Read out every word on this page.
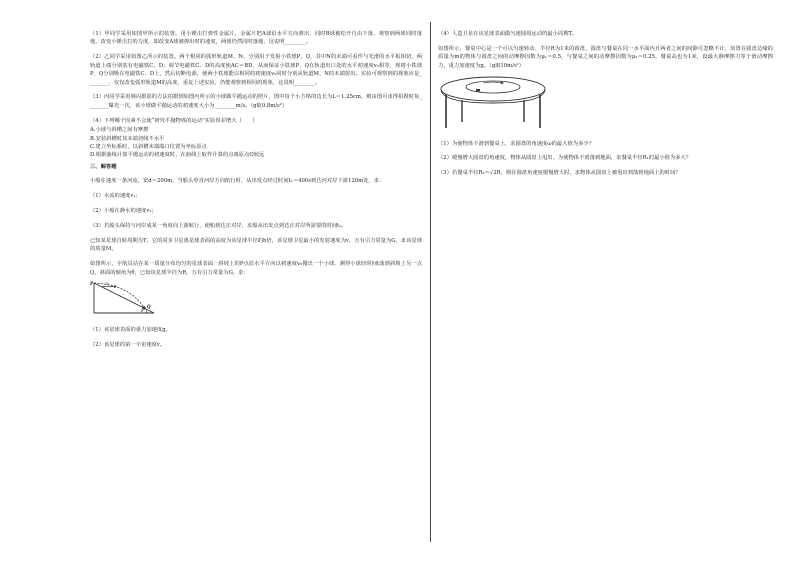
（1）甲同学采用如图甲所示的装置。用小锤击打弹性金属片，金属片把A球沿水平方向弹出，同时B球被松开自由下落，观察到两球同时落地，改变小锤击打的力度，即改变A球被弹出时的速度，两球仍然同时落地，这说明________。

（2）乙同学采用如图乙所示的装置。两个相同的弧形轨道M、N，分别用于发射小铁球P、Q，其中N的末端可看作与光滑的水平板相切，两轨道上端分别装有电磁铁C、D；调节电磁铁C、D的高度使AC＝BD，从而保证小铁球P、Q在轨道出口处的水平初速度v₀相等，现将小铁球P、Q分别吸在电磁铁C、D上，然后切断电源，使两小铁球能以相同的初速度v₀同时分别从轨道M、N的末端射出。实验可观察到的现象应是________，仅仅改变弧形轨道M的高度，重复上述实验，仍能观察到相同的现象，这说明________。

（3）丙同学采用频闪摄影的方法拍摄到如图丙所示的小球做平抛运动的照片，图中每个小方格的边长为L＝1.25cm，则由图可求得拍摄时每________曝光一次，该小球做平抛运动的初速度大小为________m/s。（g取9.8m/s²）

（4）下列哪个因素不会使“研究平抛物体的运动”实验误差增大（　　）

A.小球与斜槽之间有摩擦
B.安装斜槽时其末端切线不水平
C.建立坐标系时，以斜槽末端端口位置为坐标原点
D.根据曲线计算平抛运动的初速度时，在曲线上取作计算的点离原点O较远
三、解答题

小船在速度一条河流，宽d＝200m，当船头垂直河岸方向航行时，从出发点经过时间t₁＝400s到达河对岸下游120m处，求：

（1）水流的速度v₁；

（2）小船在静水的速度v₂；

（3）若船头保持与河岸成某一角度向上游航行，使船到达正对岸，求船从出发点到达正对岸所需要的时间t₂。

已知某星球自转周期为T，它的同步卫星离星球表面的高度为该星球半径的h倍，该星球卫星最小的发射速度为v，万有引力常量为G，求该星球的质量M。

如图所示，宇航员站在某一质量分布均匀的星球表面一斜坡上的P点沿水平方向以初速度v₀抛出一个小球，测得小球经时间t落到斜坡上另一点Q，斜面的倾角为θ，已知该星球半径为R，万有引力常量为G，求：

P	v₀
Q
θ

（1）该星球表面的重力加速度g。

（2）该星球的第一宇宙速度v。

（4）人造卫星在该星球表面做匀速圆周运动的最小周期T。

如图所示，餐桌中心是一个可以匀速转动、半径R为1米的圆盘，圆盘与餐桌在同一水平面内且两者之间的间隙可忽略不计，放置在圆盘边缘的质量为m的物体与圆盘之间的动摩擦因数为μ₁＝0.5，与餐桌之间的动摩擦因数为μ₂＝0.25，餐桌高也为1米，设最大静摩擦力等于滑动摩擦力，重力加速度为g。（g取10m/s²）

（1）为使物体不滑到餐桌上，求圆盘的角速度ω的最大值为多少？

（2）缓慢增大圆盘的角速度，物体从圆盘上甩出，为使物体不滑落到地面，求餐桌半径R₁的最小值为多大？

（3）若餐桌半径R₂＝√2R，则在圆盘角速度缓慢增大时，求物体从圆盘上被甩出到落到地面上的时间？
